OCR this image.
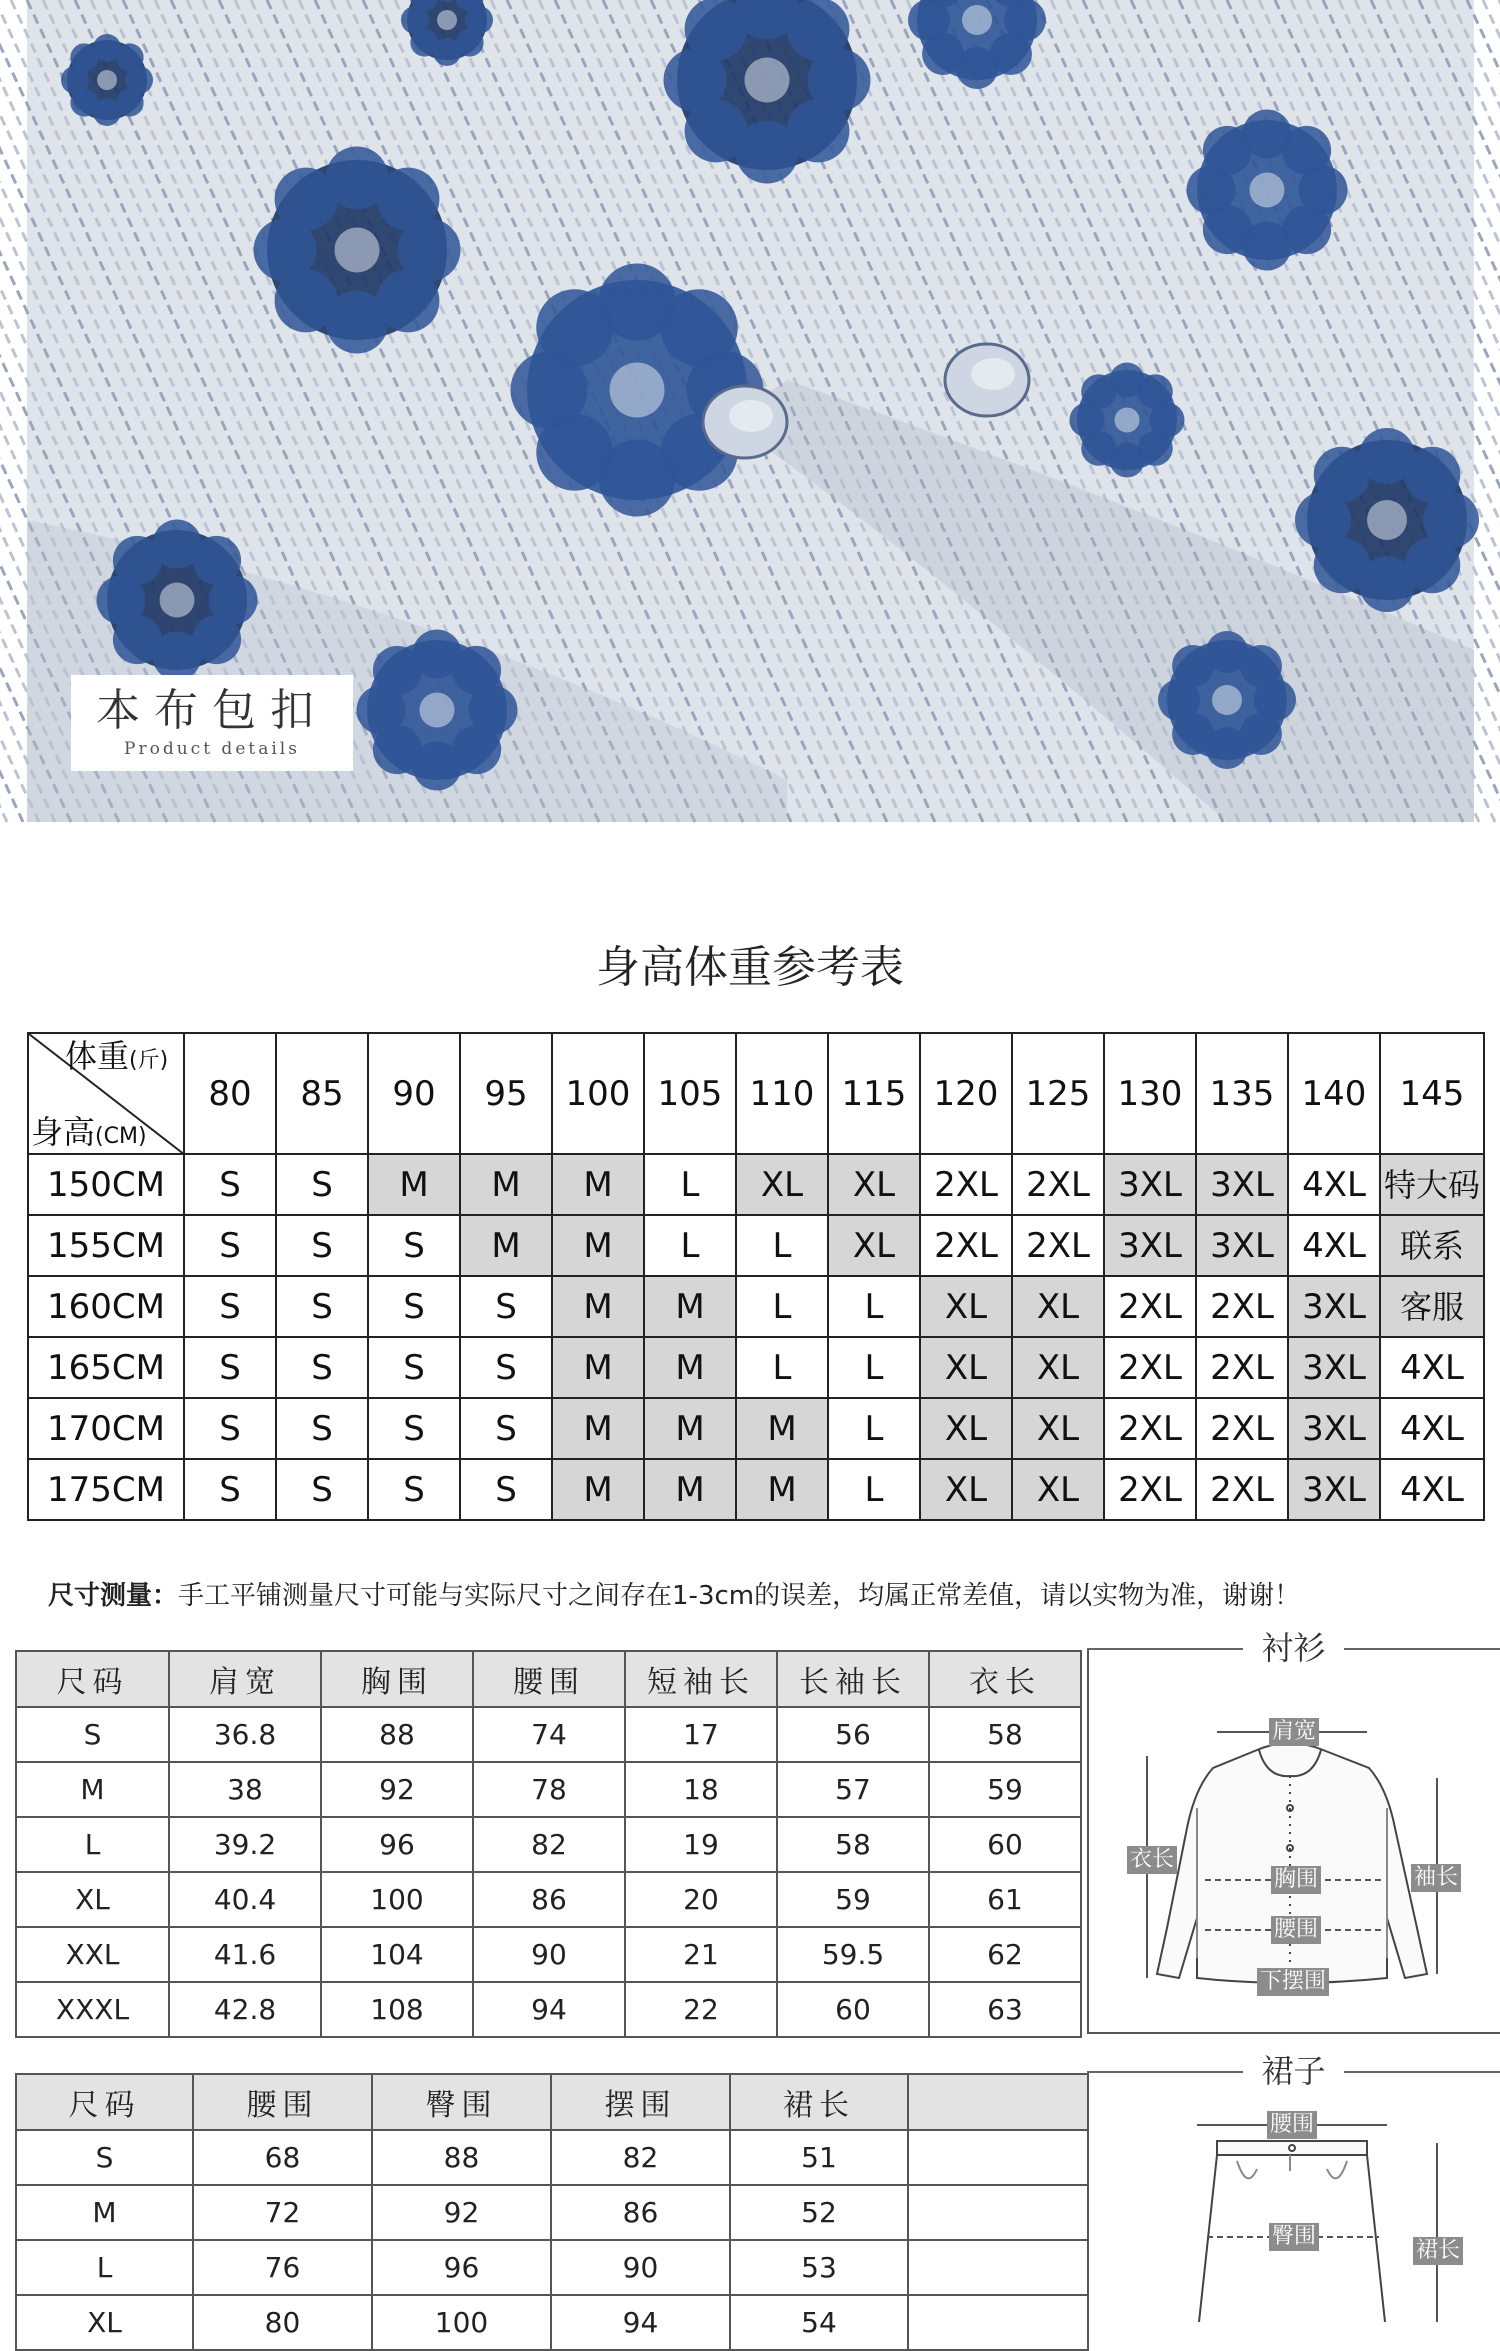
本布包扣
Product details
身高体重参考表
体重(斤)
身高(CM)	80	85	90	95	100	105	110	115	120	125	130	135	140	145
150CM	S	S	M	M	M	L	XL	XL	2XL	2XL	3XL	3XL	4XL	特大码
155CM	S	S	S	M	M	L	L	XL	2XL	2XL	3XL	3XL	4XL	联系
160CM	S	S	S	S	M	M	L	L	XL	XL	2XL	2XL	3XL	客服
165CM	S	S	S	S	M	M	L	L	XL	XL	2XL	2XL	3XL	4XL
170CM	S	S	S	S	M	M	M	L	XL	XL	2XL	2XL	3XL	4XL
175CM	S	S	S	S	M	M	M	L	XL	XL	2XL	2XL	3XL	4XL
尺寸测量：手工平铺测量尺寸可能与实际尺寸之间存在1-3cm的误差，均属正常差值，请以实物为准，谢谢！
尺码	肩宽	胸围	腰围	短袖长	长袖长	衣长
S	36.8	88	74	17	56	58
M	38	92	78	18	57	59
L	39.2	96	82	19	58	60
XL	40.4	100	86	20	59	61
XXL	41.6	104	90	21	59.5	62
XXXL	42.8	108	94	22	60	63
衬衫
肩宽
衣长
胸围	袖长
腰围
下摆围
尺码	腰围	臀围	摆围	裙长	
S	68	88	82	51	
M	72	92	86	52	
L	76	96	90	53	
XL	80	100	94	54	
裙子
腰围
臀围
裙长
